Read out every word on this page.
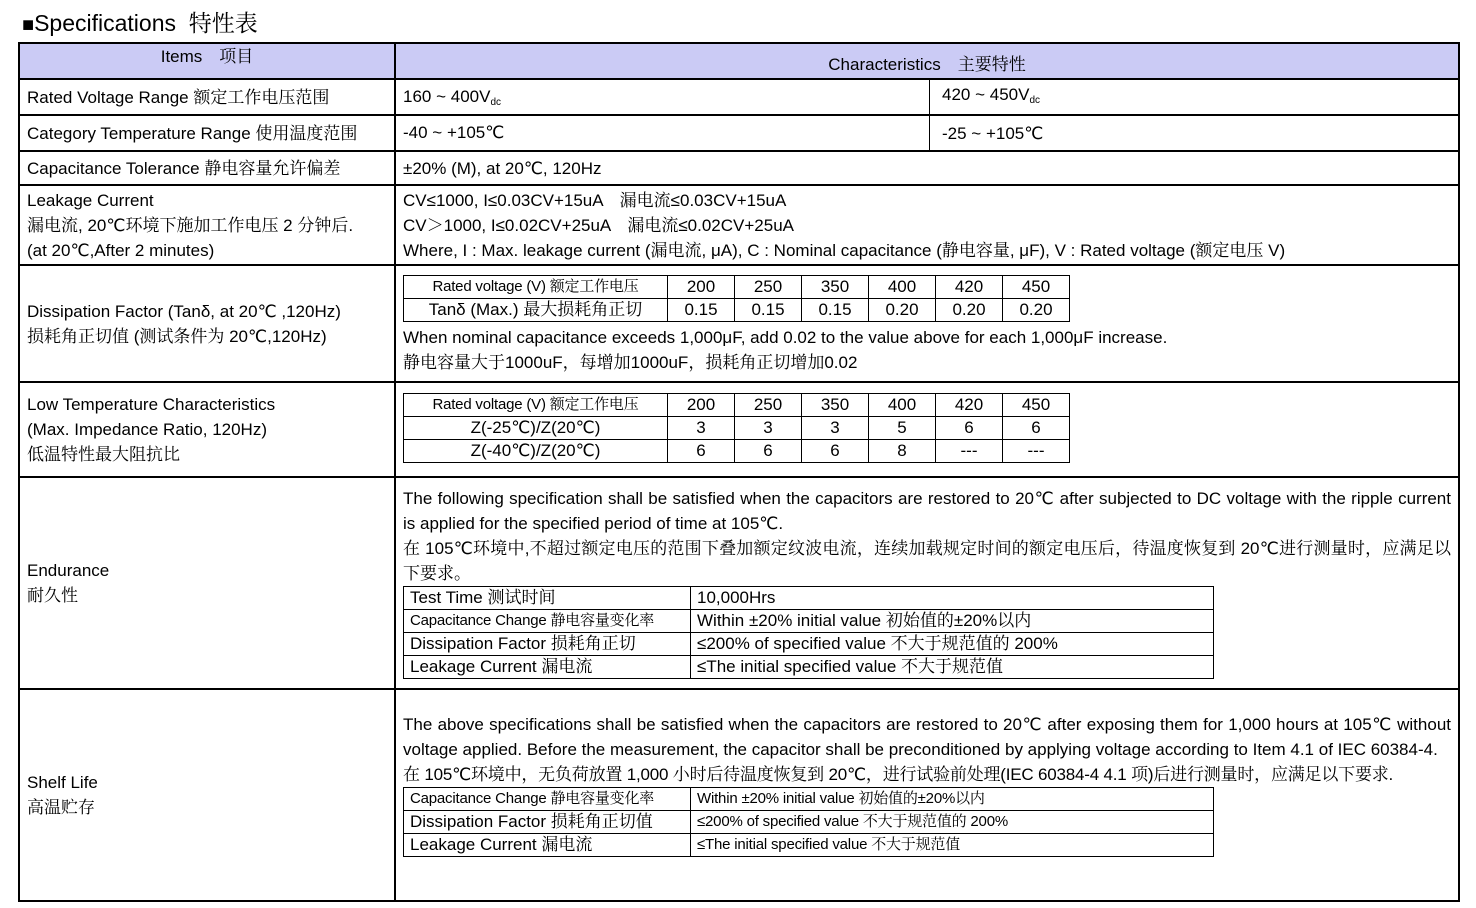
■Specifications 特性表
Items　项目	Characteristics　主要特性
Rated Voltage Range 额定工作电压范围	160 ~ $400V_{dc}$	420 ~ $450V_{dc}$

Category Temperature Range 使用温度范围	-40 ~ +105℃	-25 ~ +105℃

Capacitance Tolerance 静电容量允许偏差	±20% (M), at 20℃, 120Hz

Leakage Current
漏电流, 20℃环境下施加工作电压 2 分钟后.
(at 20℃,After 2 minutes)

CV≤1000, I≤0.03CV+15uA　漏电流≤0.03CV+15uA
CV＞1000, I≤0.02CV+25uA　漏电流≤0.02CV+25uA
Where, I : Max. leakage current (漏电流, μA), C : Nominal capacitance (静电容量, μF), V : Rated voltage (额定电压 V)

Dissipation Factor (Tanδ, at 20℃ ,120Hz)
损耗角正切值 (测试条件为 20℃,120Hz)

Rated voltage (V) 额定工作电压	200	250	350	400	420	450
Tanδ (Max.) 最大损耗角正切	0.15	0.15	0.15	0.20	0.20	0.20
When nominal capacitance exceeds 1,000μF, add 0.02 to the value above for each 1,000μF increase.
静电容量大于1000uF，每增加1000uF，损耗角正切增加0.02

Low Temperature Characteristics
(Max. Impedance Ratio, 120Hz)
低温特性最大阻抗比

Rated voltage (V) 额定工作电压	200	250	350	400	420	450
Z(-25℃)/Z(20℃)	3	3	3	5	6	6
Z(-40℃)/Z(20℃)	6	6	6	8	---	---

Endurance
耐久性

The following specification shall be satisfied when the capacitors are restored to 20℃ after subjected to DC voltage with the ripple current is applied for the specified period of time at 105℃.
在 105℃环境中,不超过额定电压的范围下叠加额定纹波电流，连续加载规定时间的额定电压后，待温度恢复到 20℃进行测量时，应满足以下要求。
Test Time 测试时间	10,000Hrs
Capacitance Change 静电容量变化率	Within ±20% initial value 初始值的±20%以内
Dissipation Factor 损耗角正切	≤200% of specified value 不大于规范值的 200%
Leakage Current 漏电流	≤The initial specified value 不大于规范值

Shelf Life
高温贮存

The above specifications shall be satisfied when the capacitors are restored to 20℃ after exposing them for 1,000 hours at 105℃ without voltage applied. Before the measurement, the capacitor shall be preconditioned by applying voltage according to Item 4.1 of IEC 60384-4.
在 105℃环境中，无负荷放置 1,000 小时后待温度恢复到 20℃，进行试验前处理(IEC 60384-4 4.1 项)后进行测量时，应满足以下要求.
Capacitance Change 静电容量变化率	Within ±20% initial value 初始值的±20%以内
Dissipation Factor 损耗角正切值	≤200% of specified value 不大于规范值的 200%
Leakage Current 漏电流	≤The initial specified value 不大于规范值
